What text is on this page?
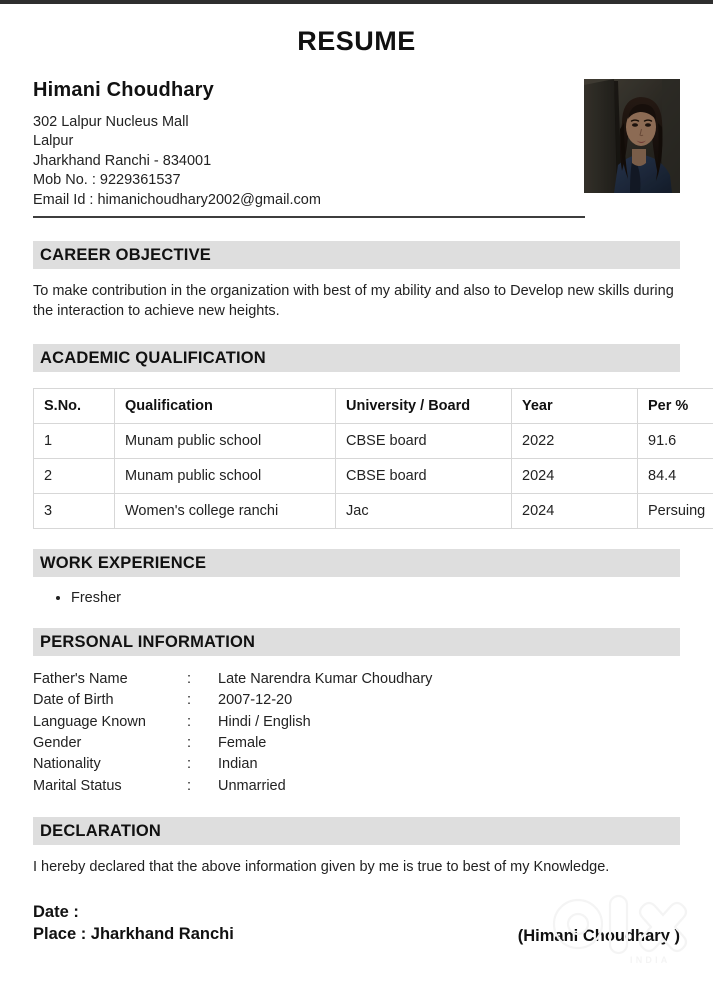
RESUME
Himani Choudhary
302 Lalpur Nucleus Mall
Lalpur
Jharkhand Ranchi - 834001
Mob No. : 9229361537
Email Id : himanichoudhary2002@gmail.com
CAREER OBJECTIVE

To make contribution in the organization with best of my ability and also to Develop new skills during the interaction to achieve new heights.

ACADEMIC QUALIFICATION
S.No.	Qualification	University / Board	Year	Per %
1	Munam public school	CBSE board	2022	91.6
2	Munam public school	CBSE board	2024	84.4
3	Women's college ranchi	Jac	2024	Persuing
WORK EXPERIENCE
• Fresher
PERSONAL INFORMATION
Father's Name	:	Late Narendra Kumar Choudhary
Date of Birth	:	2007-12-20
Language Known	:	Hindi / English
Gender	:	Female
Nationality	:	Indian
Marital Status	:	Unmarried
DECLARATION

I hereby declared that the above information given by me is true to best of my Knowledge.

Date :
Place : Jharkhand Ranchi	(Himani Choudhary )
INDIA
